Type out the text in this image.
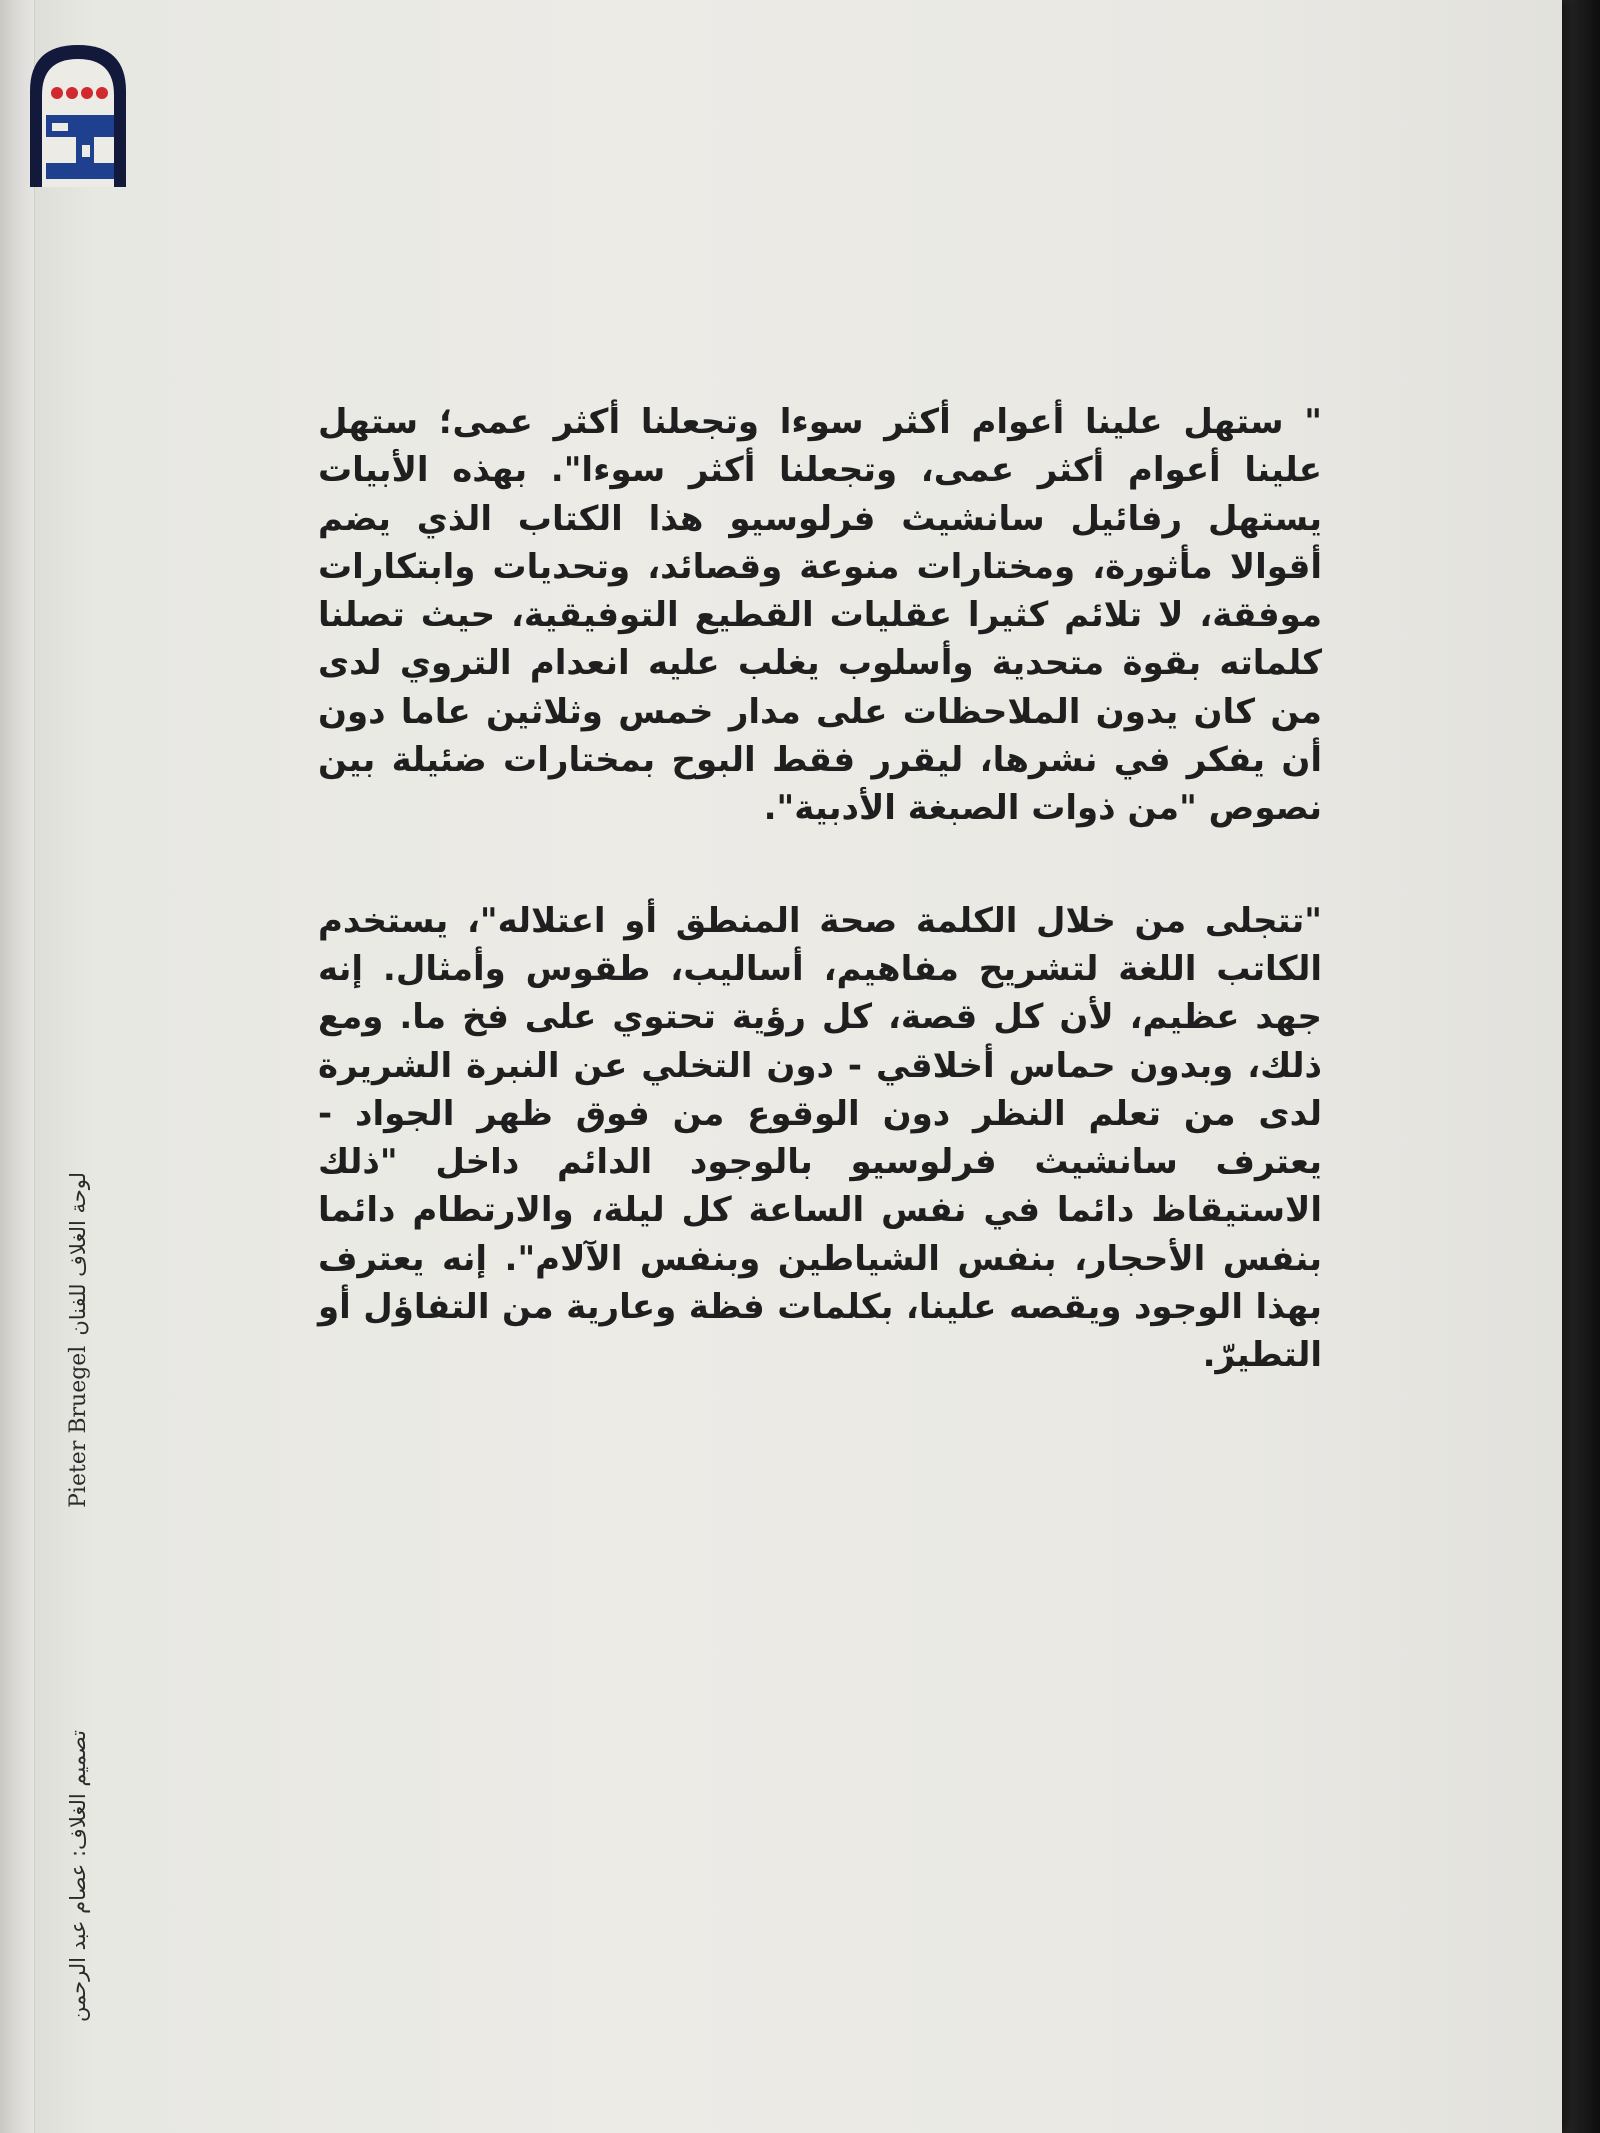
" ستهل علينا أعوام أكثر سوءا وتجعلنا أكثر عمى؛ ستهل علينا أعوام أكثر عمى، وتجعلنا أكثر سوءا". بهذه الأبيات يستهل رفائيل سانشيث فرلوسيو هذا الكتاب الذي يضم أقوالا مأثورة، ومختارات منوعة وقصائد، وتحديات وابتكارات موفقة، لا تلائم كثيرا عقليات القطيع التوفيقية، حيث تصلنا كلماته بقوة متحدية وأسلوب يغلب عليه انعدام التروي لدى من كان يدون الملاحظات على مدار خمس وثلاثين عاما دون أن يفكر في نشرها، ليقرر فقط البوح بمختارات ضئيلة بين نصوص "من ذوات الصبغة الأدبية".

"تتجلى من خلال الكلمة صحة المنطق أو اعتلاله"، يستخدم الكاتب اللغة لتشريح مفاهيم، أساليب، طقوس وأمثال. إنه جهد عظيم، لأن كل قصة، كل رؤية تحتوي على فخ ما. ومع ذلك، وبدون حماس أخلاقي - دون التخلي عن النبرة الشريرة لدى من تعلم النظر دون الوقوع من فوق ظهر الجواد - يعترف سانشيث فرلوسيو بالوجود الدائم داخل "ذلك الاستيقاظ دائما في نفس الساعة كل ليلة، والارتطام دائما بنفس الأحجار، بنفس الشياطين وبنفس الآلام". إنه يعترف بهذا الوجود ويقصه علينا، بكلمات فظة وعارية من التفاؤل أو التطيرّ.

تصميم الغلاف: عصام عبد الرحمن
Pieter Bruegel
لوحة الغلاف للفنان
